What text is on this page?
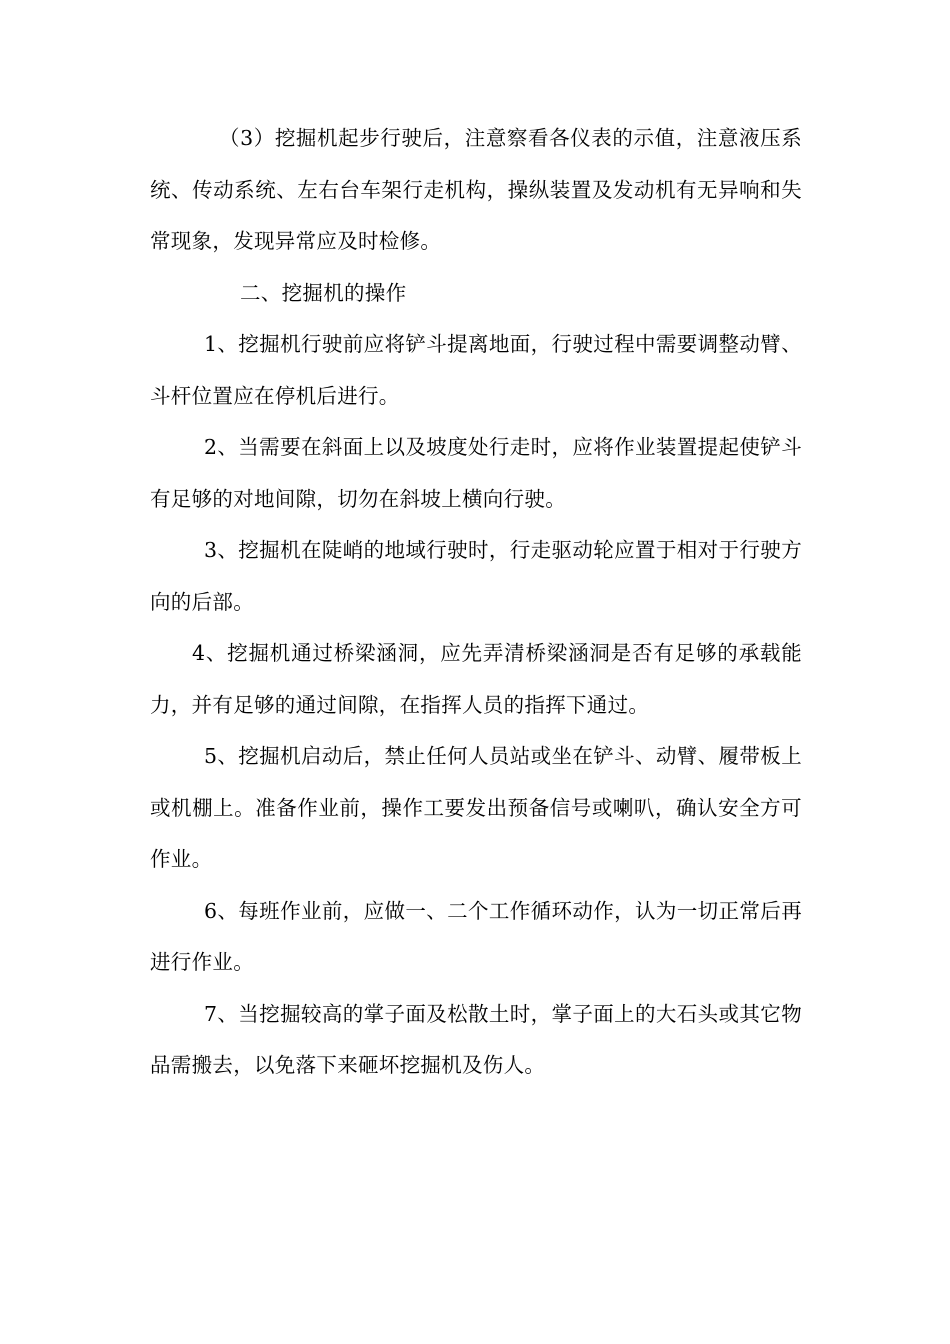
（3）挖掘机起步行驶后，注意察看各仪表的示值，注意液压系统、传动系统、左右台车架行走机构，操纵装置及发动机有无异响和失常现象，发现异常应及时检修。

二、挖掘机的操作

1、挖掘机行驶前应将铲斗提离地面，行驶过程中需要调整动臂、斗杆位置应在停机后进行。

2、当需要在斜面上以及坡度处行走时，应将作业装置提起使铲斗有足够的对地间隙，切勿在斜坡上横向行驶。

3、挖掘机在陡峭的地域行驶时，行走驱动轮应置于相对于行驶方向的后部。

4、挖掘机通过桥梁涵洞，应先弄清桥梁涵洞是否有足够的承载能力，并有足够的通过间隙，在指挥人员的指挥下通过。

5、挖掘机启动后，禁止任何人员站或坐在铲斗、动臂、履带板上或机棚上。准备作业前，操作工要发出预备信号或喇叭，确认安全方可作业。

6、每班作业前，应做一、二个工作循环动作，认为一切正常后再进行作业。

7、当挖掘较高的掌子面及松散土时，掌子面上的大石头或其它物品需搬去，以免落下来砸坏挖掘机及伤人。
